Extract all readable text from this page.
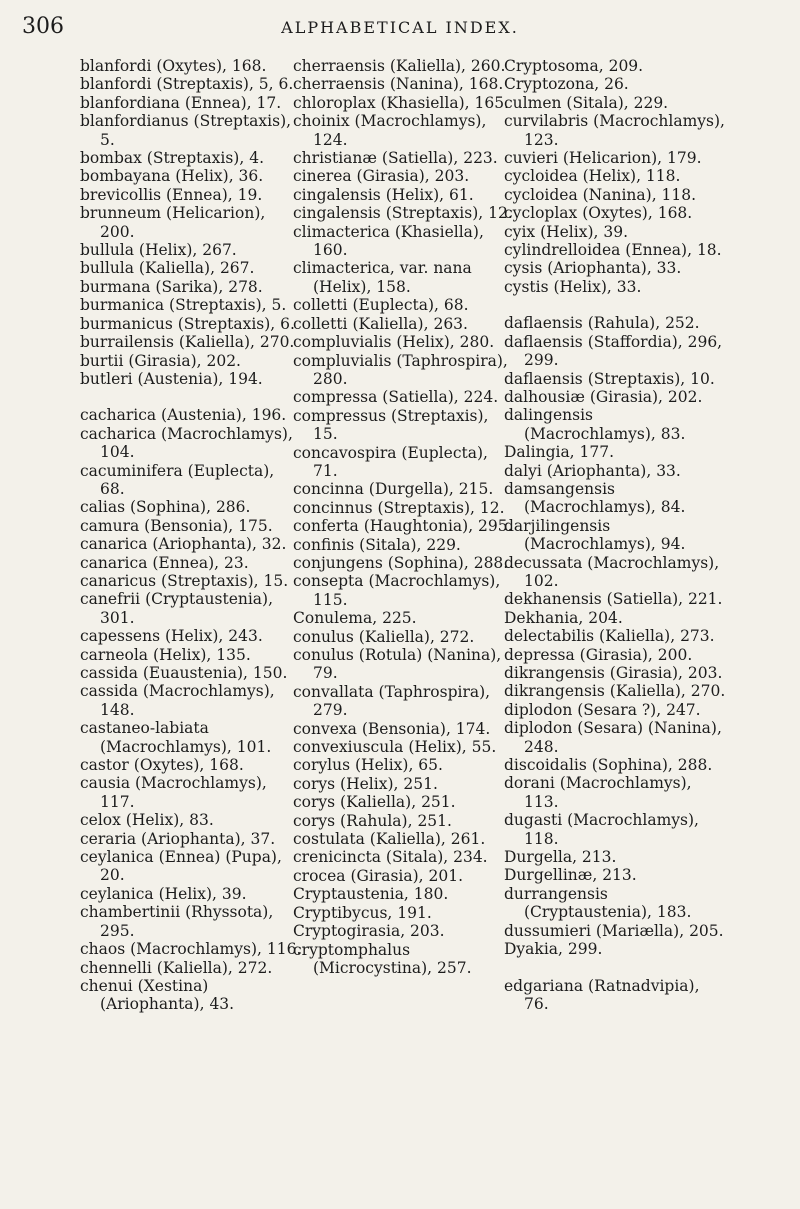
306	ALPHABETICAL INDEX.

blanfordi (Oxytes), 168.

blanfordi (Streptaxis), 5, 6.

blanfordiana (Ennea), 17.

blanfordianus (Streptaxis), 5.

bombax (Streptaxis), 4.

bombayana (Helix), 36.

brevicollis (Ennea), 19.

brunneum (Helicarion), 200.

bullula (Helix), 267.

bullula (Kaliella), 267.

burmana (Sarika), 278.

burmanica (Streptaxis), 5.

burmanicus (Streptaxis), 6.

burrailensis (Kaliella), 270.

burtii (Girasia), 202.

butleri (Austenia), 194.

cacharica (Austenia), 196.

cacharica (Macrochlamys), 104.

cacuminifera (Euplecta), 68.

calias (Sophina), 286.

camura (Bensonia), 175.

canarica (Ariophanta), 32.

canarica (Ennea), 23.

canaricus (Streptaxis), 15.

canefrii (Cryptaustenia), 301.

capessens (Helix), 243.

carneola (Helix), 135.

cassida (Euaustenia), 150.

cassida (Macrochlamys), 148.

castaneo-labiata (Macrochlamys), 101.

castor (Oxytes), 168.

causia (Macrochlamys), 117.

celox (Helix), 83.

ceraria (Ariophanta), 37.

ceylanica (Ennea) (Pupa), 20.

ceylanica (Helix), 39.

chambertinii (Rhyssota), 295.

chaos (Macrochlamys), 116.

chennelli (Kaliella), 272.

chenui (Xestina) (Ariophanta), 43.

cherraensis (Kaliella), 260.

cherraensis (Nanina), 168.

chloroplax (Khasiella), 165.

choinix (Macrochlamys), 124.

christianæ (Satiella), 223.

cinerea (Girasia), 203.

cingalensis (Helix), 61.

cingalensis (Streptaxis), 12.

climacterica (Khasiella), 160.

climacterica, var. nana (Helix), 158.

colletti (Euplecta), 68.

colletti (Kaliella), 263.

compluvialis (Helix), 280.

compluvialis (Taphrospira), 280.

compressa (Satiella), 224.

compressus (Streptaxis), 15.

concavospira (Euplecta), 71.

concinna (Durgella), 215.

concinnus (Streptaxis), 12.

conferta (Haughtonia), 295.

confinis (Sitala), 229.

conjungens (Sophina), 288.

consepta (Macrochlamys), 115.

Conulema, 225.

conulus (Kaliella), 272.

conulus (Rotula) (Nanina), 79.

convallata (Taphrospira), 279.

convexa (Bensonia), 174.

convexiuscula (Helix), 55.

corylus (Helix), 65.

corys (Helix), 251.

corys (Kaliella), 251.

corys (Rahula), 251.

costulata (Kaliella), 261.

crenicincta (Sitala), 234.

crocea (Girasia), 201.

Cryptaustenia, 180.

Cryptibycus, 191.

Cryptogirasia, 203.

cryptomphalus (Microcystina), 257.

Cryptosoma, 209.

Cryptozona, 26.

culmen (Sitala), 229.

curvilabris (Macrochlamys), 123.

cuvieri (Helicarion), 179.

cycloidea (Helix), 118.

cycloidea (Nanina), 118.

cycloplax (Oxytes), 168.

cyix (Helix), 39.

cylindrelloidea (Ennea), 18.

cysis (Ariophanta), 33.

cystis (Helix), 33.

daflaensis (Rahula), 252.

daflaensis (Staffordia), 296, 299.

daflaensis (Streptaxis), 10.

dalhousiæ (Girasia), 202.

dalingensis (Macrochlamys), 83.

Dalingia, 177.

dalyi (Ariophanta), 33.

damsangensis (Macrochlamys), 84.

darjilingensis (Macrochlamys), 94.

decussata (Macrochlamys), 102.

dekhanensis (Satiella), 221.

Dekhania, 204.

delectabilis (Kaliella), 273.

depressa (Girasia), 200.

dikrangensis (Girasia), 203.

dikrangensis (Kaliella), 270.

diplodon (Sesara ?), 247.

diplodon (Sesara) (Nanina), 248.

discoidalis (Sophina), 288.

dorani (Macrochlamys), 113.

dugasti (Macrochlamys), 118.

Durgella, 213.

Durgellinæ, 213.

durrangensis (Cryptaustenia), 183.

dussumieri (Mariælla), 205.

Dyakia, 299.

edgariana (Ratnadvipia), 76.
